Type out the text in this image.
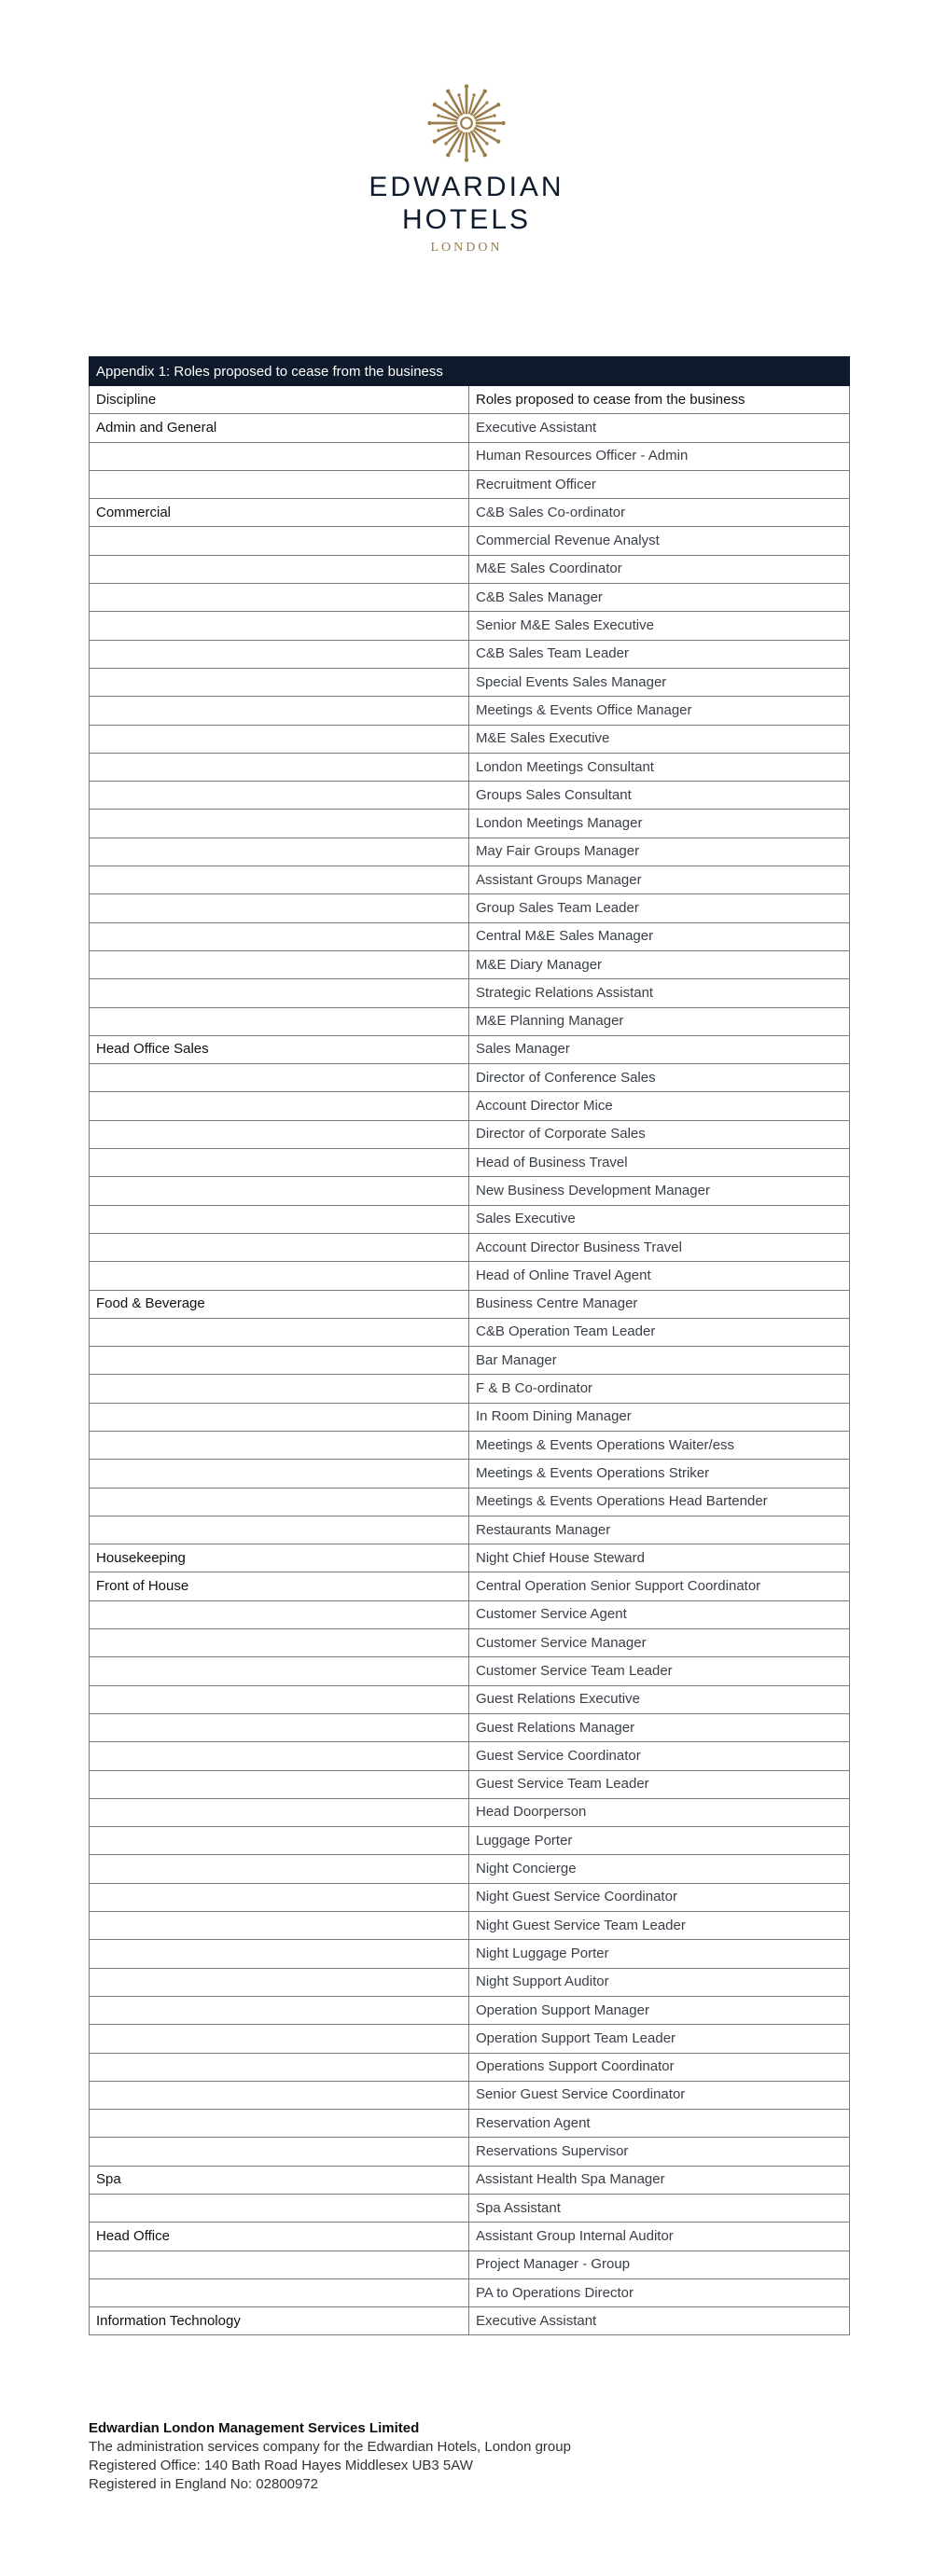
EDWARDIAN
HOTELS
LONDON
Appendix 1: Roles proposed to cease from the business	
Discipline	Roles proposed to cease from the business
Admin and General	Executive Assistant
	Human Resources Officer - Admin
	Recruitment Officer
Commercial	C&B Sales Co-ordinator
	Commercial Revenue Analyst
	M&E Sales Coordinator
	C&B Sales Manager
	Senior M&E Sales Executive
	C&B Sales Team Leader
	Special Events Sales Manager
	Meetings & Events Office Manager
	M&E Sales Executive
	London Meetings Consultant
	Groups Sales Consultant
	London Meetings Manager
	May Fair Groups Manager
	Assistant Groups Manager
	Group Sales Team Leader
	Central M&E Sales Manager
	M&E Diary Manager
	Strategic Relations Assistant
	M&E Planning Manager
Head Office Sales	Sales Manager
	Director of Conference Sales
	Account Director Mice
	Director of Corporate Sales
	Head of Business Travel
	New Business Development Manager
	Sales Executive
	Account Director Business Travel
	Head of Online Travel Agent
Food & Beverage	Business Centre Manager
	C&B Operation Team Leader
	Bar Manager
	F & B Co-ordinator
	In Room Dining Manager
	Meetings & Events Operations Waiter/ess
	Meetings & Events Operations Striker
	Meetings & Events Operations Head Bartender
	Restaurants Manager
Housekeeping	Night Chief House Steward
Front of House	Central Operation Senior Support Coordinator
	Customer Service Agent
	Customer Service Manager
	Customer Service Team Leader
	Guest Relations Executive
	Guest Relations Manager
	Guest Service Coordinator
	Guest Service Team Leader
	Head Doorperson
	Luggage Porter
	Night Concierge
	Night Guest Service Coordinator
	Night Guest Service Team Leader
	Night Luggage Porter
	Night Support Auditor
	Operation Support Manager
	Operation Support Team Leader
	Operations Support Coordinator
	Senior Guest Service Coordinator
	Reservation Agent
	Reservations Supervisor
Spa	Assistant Health Spa Manager
	Spa Assistant
Head Office	Assistant Group Internal Auditor
	Project Manager - Group
	PA to Operations Director
Information Technology	Executive Assistant
Edwardian London Management Services Limited
The administration services company for the Edwardian Hotels, London group
Registered Office: 140 Bath Road Hayes Middlesex UB3 5AW
Registered in England No: 02800972
